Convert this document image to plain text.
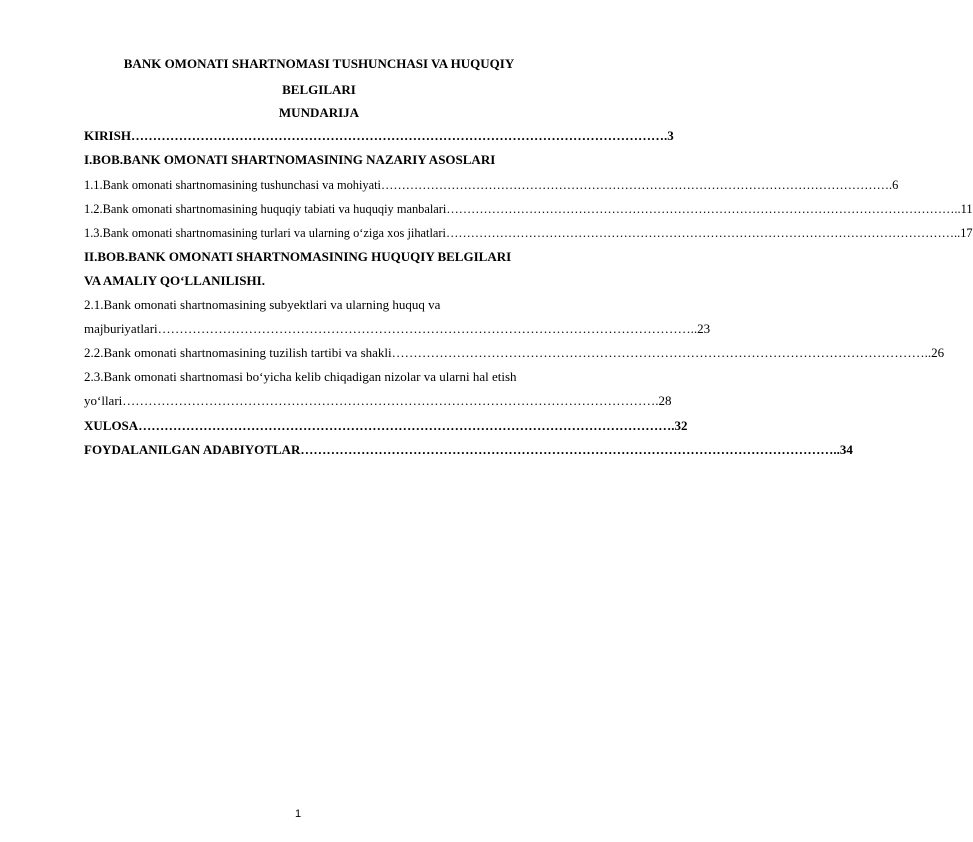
BANK OMONATI SHARTNOMASI TUSHUNCHASI VA HUQUQIY
BELGILARI
MUNDARIJA
KIRISH …………………………………………………………………………………………………………… .3
I.BOB.BANK OMONATI SHARTNOMASINING NAZARIY ASOSLARI
1.1.Bank omonati shartnomasining tushunchasi va mohiyati …………………………………………………………………………………………………………… .6
1.2.Bank omonati shartnomasining huquqiy tabiati va huquqiy manbalari …………………………………………………………………………………………………………… ..11
1.3.Bank omonati shartnomasining turlari va ularning o‘ziga xos jihatlari …………………………………………………………………………………………………………… ..17
II.BOB.BANK OMONATI SHARTNOMASINING HUQUQIY BELGILARI
VA AMALIY QO‘LLANILISHI.
2.1.Bank omonati shartnomasining subyektlari va ularning huquq va
majburiyatlari …………………………………………………………………………………………………………… ..23
2.2.Bank omonati shartnomasining tuzilish tartibi va shakli …………………………………………………………………………………………………………… ..26
2.3.Bank omonati shartnomasi bo‘yicha kelib chiqadigan nizolar va ularni hal etish
yo‘llari …………………………………………………………………………………………………………… .28
XULOSA …………………………………………………………………………………………………………… .32
FOYDALANILGAN ADABIYOTLAR …………………………………………………………………………………………………………… ..34
1
